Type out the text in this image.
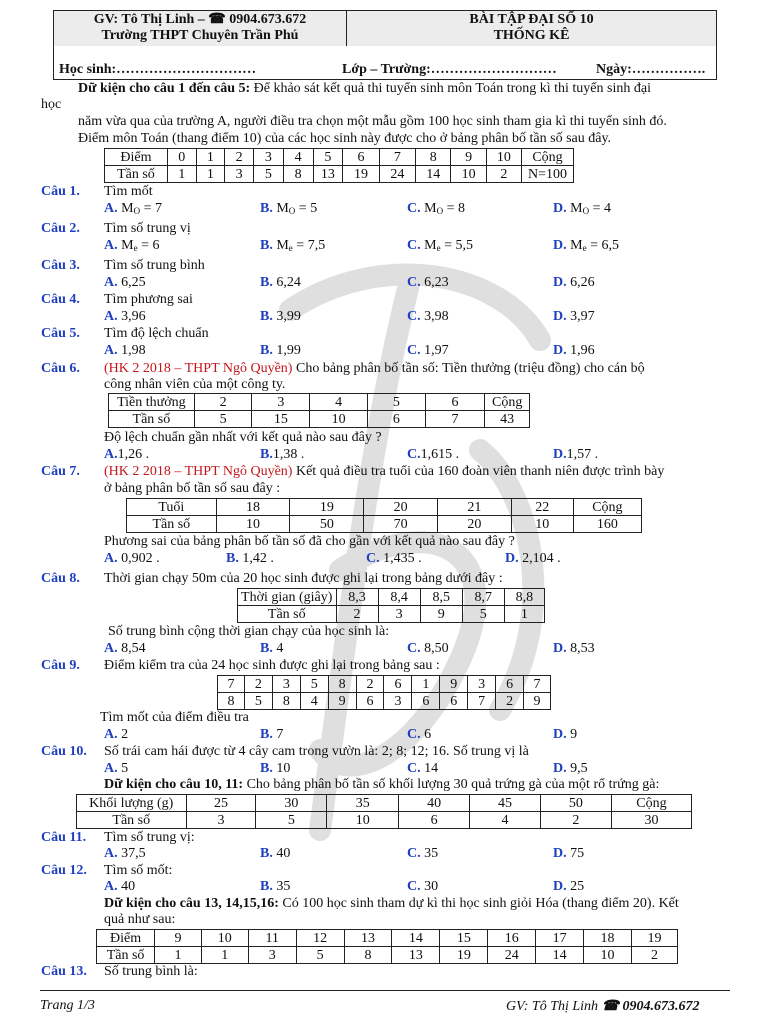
GV: Tô Thị Linh – ☎ 0904.673.672
Trường THPT Chuyên Trần Phú
BÀI TẬP ĐẠI SỐ 10
THỐNG KÊ
Học sinh:…………………………	Lớp – Trường:………………………	Ngày:…………….
Dữ kiện cho câu 1 đến câu 5: Để khảo sát kết quả thi tuyển sinh môn Toán trong kì thi tuyển sinh đại
học
năm vừa qua của trường A, người điều tra chọn một mẫu gồm 100 học sinh tham gia kì thi tuyển sinh đó.
Điểm môn Toán (thang điểm 10) của các học sinh này được cho ở bảng phân bố tần số sau đây.
Điểm	0	1	2	3	4	5	6	7	8	9	10	Cộng
Tần số	1	1	3	5	8	13	19	24	14	10	2	N=100
Câu 1. Tìm mốt
A. $M_O = 7$	B. $M_O = 5$	C. $M_O = 8$	D. $M_O = 4$
Câu 2. Tìm số trung vị
A. $M_e = 6$	B. $M_e = 7,5$	C. $M_e = 5,5$	D. $M_e = 6,5$
Câu 3. Tìm số trung bình
A. 6,25	B. 6,24	C. 6,23	D. 6,26
Câu 4. Tìm phương sai
A. 3,96	B. 3,99	C. 3,98	D. 3,97
Câu 5. Tìm độ lệch chuẩn
A. 1,98	B. 1,99	C. 1,97	D. 1,96
Câu 6. (HK 2 2018 – THPT Ngô Quyền) Cho bảng phân bố tần số: Tiền thưởng (triệu đồng) cho cán bộ
công nhân viên của một công ty.
Tiền thưởng	2	3	4	5	6	Cộng
Tần số	5	15	10	6	7	43
Độ lệch chuẩn gần nhất với kết quả nào sau đây ?
A.1,26 .	B.1,38 .	C.1,615 .	D.1,57 .
Câu 7. (HK 2 2018 – THPT Ngô Quyền) Kết quả điều tra tuổi của 160 đoàn viên thanh niên được trình bày
ở bảng phân bố tần số sau đây :
Tuổi	18	19	20	21	22	Cộng
Tần số	10	50	70	20	10	160
Phương sai của bảng phân bố tần số đã cho gần với kết quả nào sau đây ?
A. 0,902 .	B. 1,42 .	C. 1,435 .	D. 2,104 .
Câu 8. Thời gian chạy 50m của 20 học sinh được ghi lại trong bảng dưới đây :
Thời gian (giây)	8,3	8,4	8,5	8,7	8,8
Tần số	2	3	9	5	1
Số trung bình cộng thời gian chạy của học sinh là:
A. 8,54	B. 4	C. 8,50	D. 8,53
Câu 9. Điểm kiểm tra của 24 học sinh được ghi lại trong bảng sau :
7	2	3	5	8	2	6	1	9	3	6	7
8	5	8	4	9	6	3	6	6	7	2	9
Tìm mốt của điểm điều tra
A. 2	B. 7	C. 6	D. 9
Câu 10. Số trái cam hái được từ 4 cây cam trong vườn là: 2; 8; 12; 16. Số trung vị là
A. 5	B. 10	C. 14	D. 9,5
Dữ kiện cho câu 10, 11: Cho bảng phân bố tần số khối lượng 30 quả trứng gà của một rổ trứng gà:
Khối lượng (g)	25	30	35	40	45	50	Cộng
Tần số	3	5	10	6	4	2	30
Câu 11. Tìm số trung vị:
A. 37,5	B. 40	C. 35	D. 75
Câu 12. Tìm số mốt:
A. 40	B. 35	C. 30	D. 25
Dữ kiện cho câu 13, 14,15,16: Có 100 học sinh tham dự kì thi học sinh giỏi Hóa (thang điểm 20). Kết
quả như sau:
Điểm	9	10	11	12	13	14	15	16	17	18	19
Tần số	1	1	3	5	8	13	19	24	14	10	2
Câu 13. Số trung bình là:
Trang 1/3	GV: Tô Thị Linh ☎ 0904.673.672
